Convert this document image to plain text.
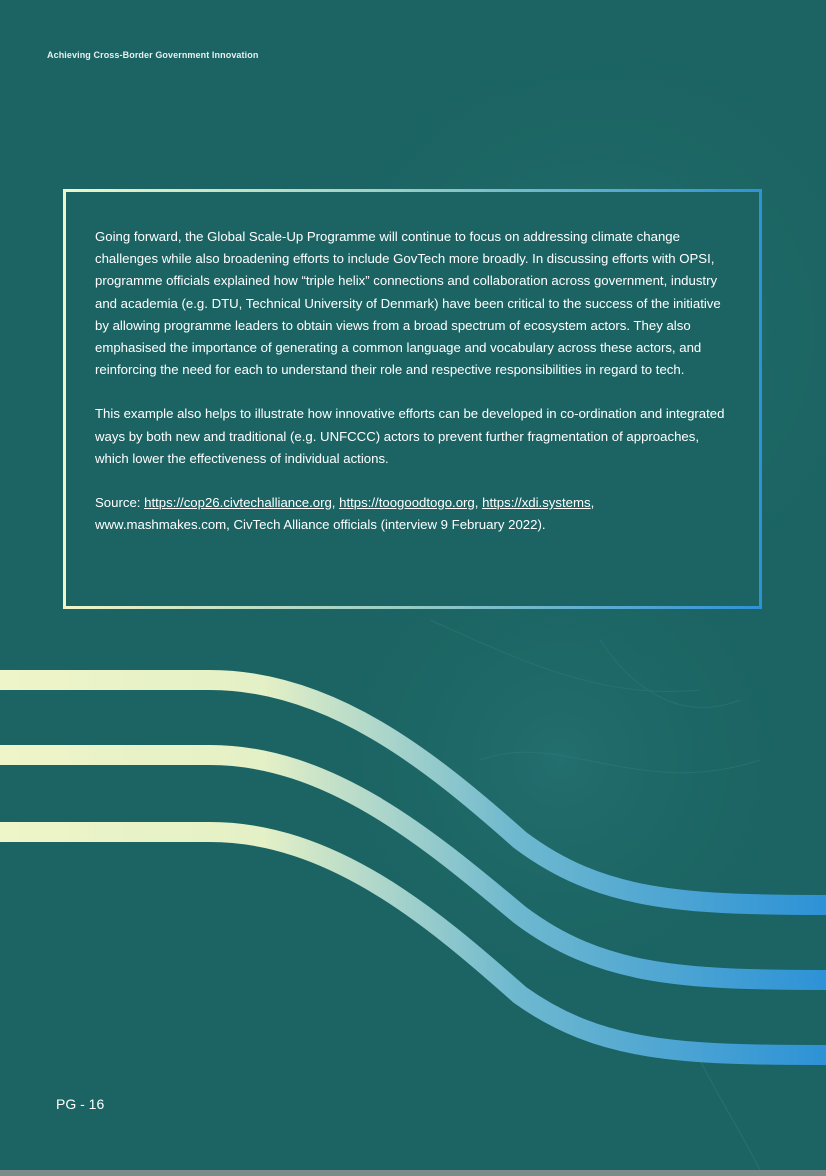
Achieving Cross-Border Government Innovation

Going forward, the Global Scale-Up Programme will continue to focus on addressing climate change challenges while also broadening efforts to include GovTech more broadly. In discussing efforts with OPSI, programme officials explained how “triple helix” connections and collaboration across government, industry and academia (e.g. DTU, Technical University of Denmark) have been critical to the success of the initiative by allowing programme leaders to obtain views from a broad spectrum of ecosystem actors. They also emphasised the importance of generating a common language and vocabulary across these actors, and reinforcing the need for each to understand their role and respective responsibilities in regard to tech.

This example also helps to illustrate how innovative efforts can be developed in co-ordination and integrated ways by both new and traditional (e.g. UNFCCC) actors to prevent further fragmentation of approaches, which lower the effectiveness of individual actions.

Source: https://cop26.civtechalliance.org, https://toogoodtogo.org, https://xdi.systems, www.mashmakes.com, CivTech Alliance officials (interview 9 February 2022).

PG - 16
